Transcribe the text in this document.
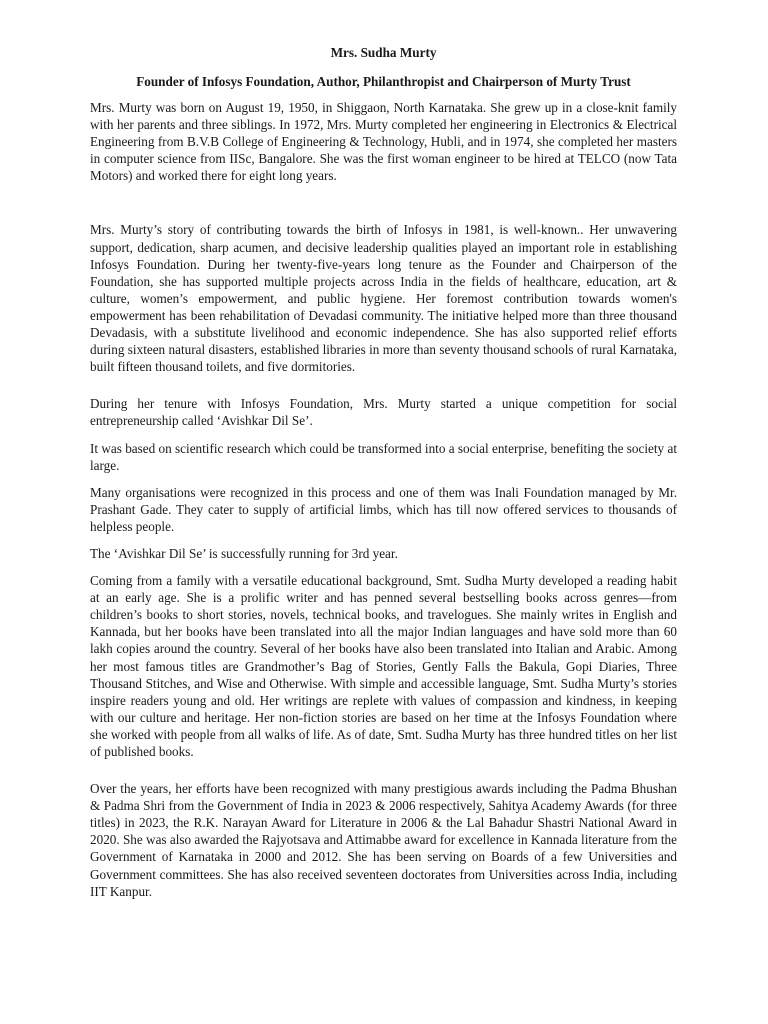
Mrs. Sudha Murty
Founder of Infosys Foundation, Author, Philanthropist and Chairperson of Murty Trust

Mrs. Murty was born on August 19, 1950, in Shiggaon, North Karnataka. She grew up in a close-knit family with her parents and three siblings. In 1972, Mrs. Murty completed her engineering in Electronics & Electrical Engineering from B.V.B College of Engineering & Technology, Hubli, and in 1974, she completed her masters in computer science from IISc, Bangalore. She was the first woman engineer to be hired at TELCO (now Tata Motors) and worked there for eight long years.

Mrs. Murty’s story of contributing towards the birth of Infosys in 1981, is well-known.. Her unwavering support, dedication, sharp acumen, and decisive leadership qualities played an important role in establishing Infosys Foundation. During her twenty-five-years long tenure as the Founder and Chairperson of the Foundation, she has supported multiple projects across India in the fields of healthcare, education, art & culture, women’s empowerment, and public hygiene. Her foremost contribution towards women's empowerment has been rehabilitation of Devadasi community. The initiative helped more than three thousand Devadasis, with a substitute livelihood and economic independence. She has also supported relief efforts during sixteen natural disasters, established libraries in more than seventy thousand schools of rural Karnataka, built fifteen thousand toilets, and five dormitories.

During her tenure with Infosys Foundation, Mrs. Murty started a unique competition for social entrepreneurship called ‘Avishkar Dil Se’.

It was based on scientific research which could be transformed into a social enterprise, benefiting the society at large.

Many organisations were recognized in this process and one of them was Inali Foundation managed by Mr. Prashant Gade. They cater to supply of artificial limbs, which has till now offered services to thousands of helpless people.

The ‘Avishkar Dil Se’ is successfully running for 3rd year.

Coming from a family with a versatile educational background, Smt. Sudha Murty developed a reading habit at an early age. She is a prolific writer and has penned several bestselling books across genres—from children’s books to short stories, novels, technical books, and travelogues. She mainly writes in English and Kannada, but her books have been translated into all the major Indian languages and have sold more than 60 lakh copies around the country. Several of her books have also been translated into Italian and Arabic. Among her most famous titles are Grandmother’s Bag of Stories, Gently Falls the Bakula, Gopi Diaries, Three Thousand Stitches, and Wise and Otherwise. With simple and accessible language, Smt. Sudha Murty’s stories inspire readers young and old. Her writings are replete with values of compassion and kindness, in keeping with our culture and heritage. Her non-fiction stories are based on her time at the Infosys Foundation where she worked with people from all walks of life. As of date, Smt. Sudha Murty has three hundred titles on her list of published books.

Over the years, her efforts have been recognized with many prestigious awards including the Padma Bhushan & Padma Shri from the Government of India in 2023 & 2006 respectively, Sahitya Academy Awards (for three titles) in 2023, the R.K. Narayan Award for Literature in 2006 & the Lal Bahadur Shastri National Award in 2020. She was also awarded the Rajyotsava and Attimabbe award for excellence in Kannada literature from the Government of Karnataka in 2000 and 2012. She has been serving on Boards of a few Universities and Government committees. She has also received seventeen doctorates from Universities across India, including IIT Kanpur.
